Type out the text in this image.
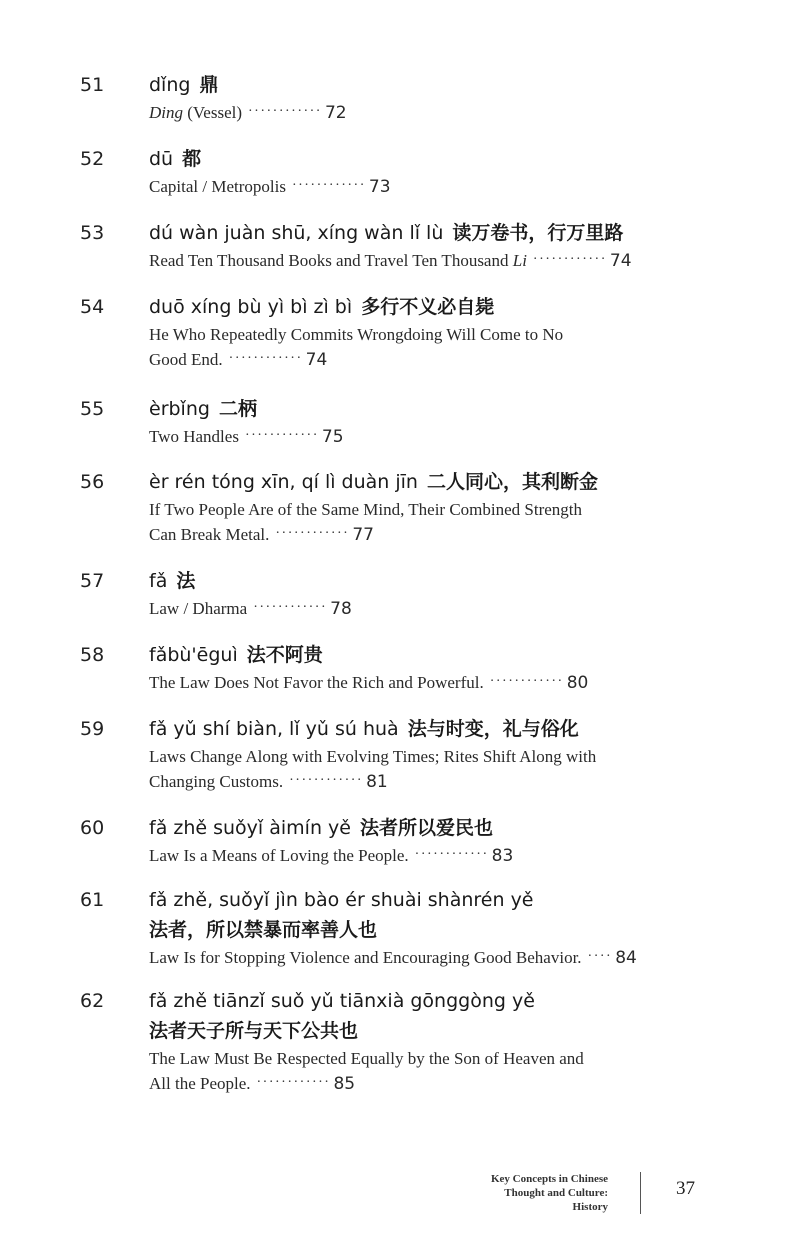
51	dǐng 鼎
Ding (Vessel) ············ 72
52	dū 都
Capital / Metropolis ············ 73
53	dú wàn juàn shū, xíng wàn lǐ lù 读万卷书，行万里路
Read Ten Thousand Books and Travel Ten Thousand Li ············ 74
54	duō xíng bù yì bì zì bì 多行不义必自毙
He Who Repeatedly Commits Wrongdoing Will Come to No
Good End. ············ 74
55	èrbǐng 二柄
Two Handles ············ 75
56	èr rén tóng xīn, qí lì duàn jīn 二人同心，其利断金
If Two People Are of the Same Mind, Their Combined Strength
Can Break Metal. ············ 77
57	fǎ 法
Law / Dharma ············ 78
58	fǎbù'ēguì 法不阿贵
The Law Does Not Favor the Rich and Powerful. ············ 80
59	fǎ yǔ shí biàn, lǐ yǔ sú huà 法与时变，礼与俗化
Laws Change Along with Evolving Times; Rites Shift Along with
Changing Customs. ············ 81
60	fǎ zhě suǒyǐ àimín yě 法者所以爱民也
Law Is a Means of Loving the People. ············ 83
61	fǎ zhě, suǒyǐ jìn bào ér shuài shànrén yě
法者，所以禁暴而率善人也
Law Is for Stopping Violence and Encouraging Good Behavior. ···· 84
62	fǎ zhě tiānzǐ suǒ yǔ tiānxià gōnggòng yě
法者天子所与天下公共也
The Law Must Be Respected Equally by the Son of Heaven and
All the People. ············ 85
Key Concepts in Chinese
Thought and Culture:
History
37
